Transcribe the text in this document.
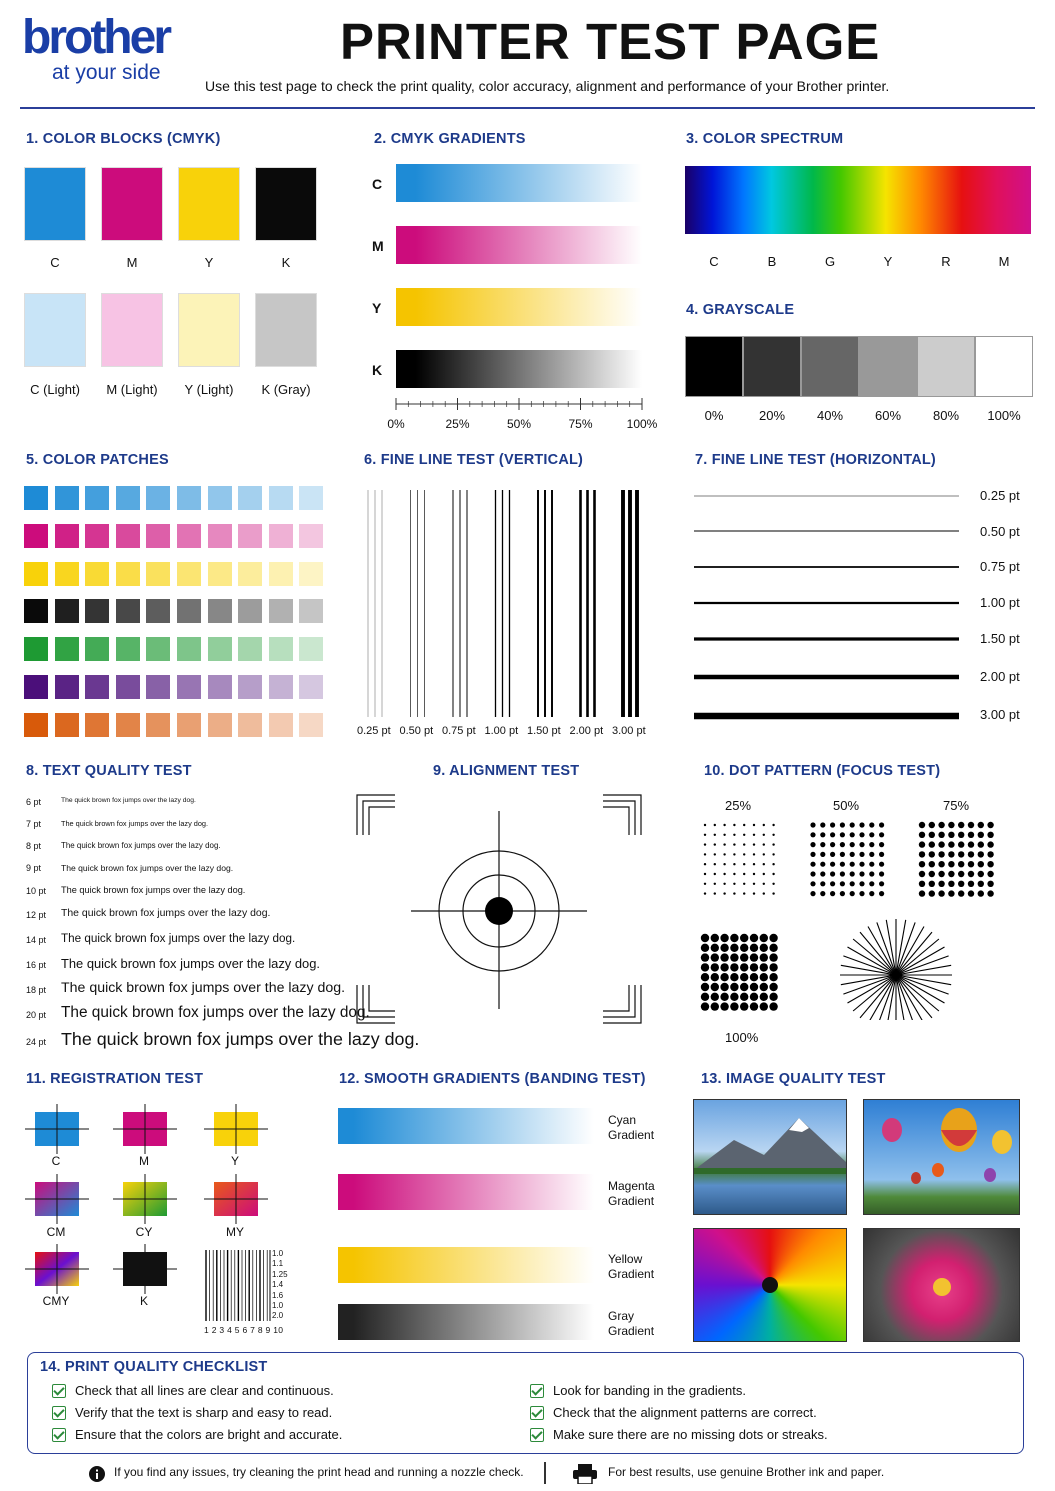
brother
at your side
PRINTER TEST PAGE
Use this test page to check the print quality, color accuracy, alignment and performance of your Brother printer.
1. COLOR BLOCKS (CMYK)	2. CMYK GRADIENTS	3. COLOR SPECTRUM
4. GRAYSCALE
5. COLOR PATCHES	6. FINE LINE TEST (VERTICAL)	7. FINE LINE TEST (HORIZONTAL)
8. TEXT QUALITY TEST	9. ALIGNMENT TEST	10. DOT PATTERN (FOCUS TEST)
11. REGISTRATION TEST	12. SMOOTH GRADIENTS (BANDING TEST)	13. IMAGE QUALITY TEST
C	M	Y	K
C (Light)	M (Light)	Y (Light)	K (Gray)
C
M
Y
K
0%	25%	50%	75%	100%
C	B	G	Y	R	M
0%	20%	40%	60%	80%	100%
0.25 pt 0.50 pt 0.75 pt 1.00 pt 1.50 pt 2.00 pt 3.00 pt
0.25 pt
0.50 pt
0.75 pt
1.00 pt
1.50 pt
2.00 pt
3.00 pt
6 pt	The quick brown fox jumps over the lazy dog.
7 pt	The quick brown fox jumps over the lazy dog.
8 pt	The quick brown fox jumps over the lazy dog.
9 pt The quick brown fox jumps over the lazy dog.
10 pt The quick brown fox jumps over the lazy dog.
12 pt The quick brown fox jumps over the lazy dog.
14 pt The quick brown fox jumps over the lazy dog.
16 pt The quick brown fox jumps over the lazy dog.
18 pt The quick brown fox jumps over the lazy dog.
20 pt The quick brown fox jumps over the lazy dog.
24 pt The quick brown fox jumps over the lazy dog.
25%	50%	75%
100%
C	M	Y
CM	CY	MY
CMY	K
1.0
1.1
1.25
1.4
1.6
1.0
2.0
1 2 3 4 5 6 7 8 9 10
Cyan
Gradient
Magenta
Gradient
Yellow
Gradient
Gray
Gradient
14. PRINT QUALITY CHECKLIST
Check that all lines are clear and continuous.
Verify that the text is sharp and easy to read.
Ensure that the colors are bright and accurate.
Look for banding in the gradients.
Check that the alignment patterns are correct.
Make sure there are no missing dots or streaks.
If you find any issues, try cleaning the print head and running a nozzle check.	For best results, use genuine Brother ink and paper.
